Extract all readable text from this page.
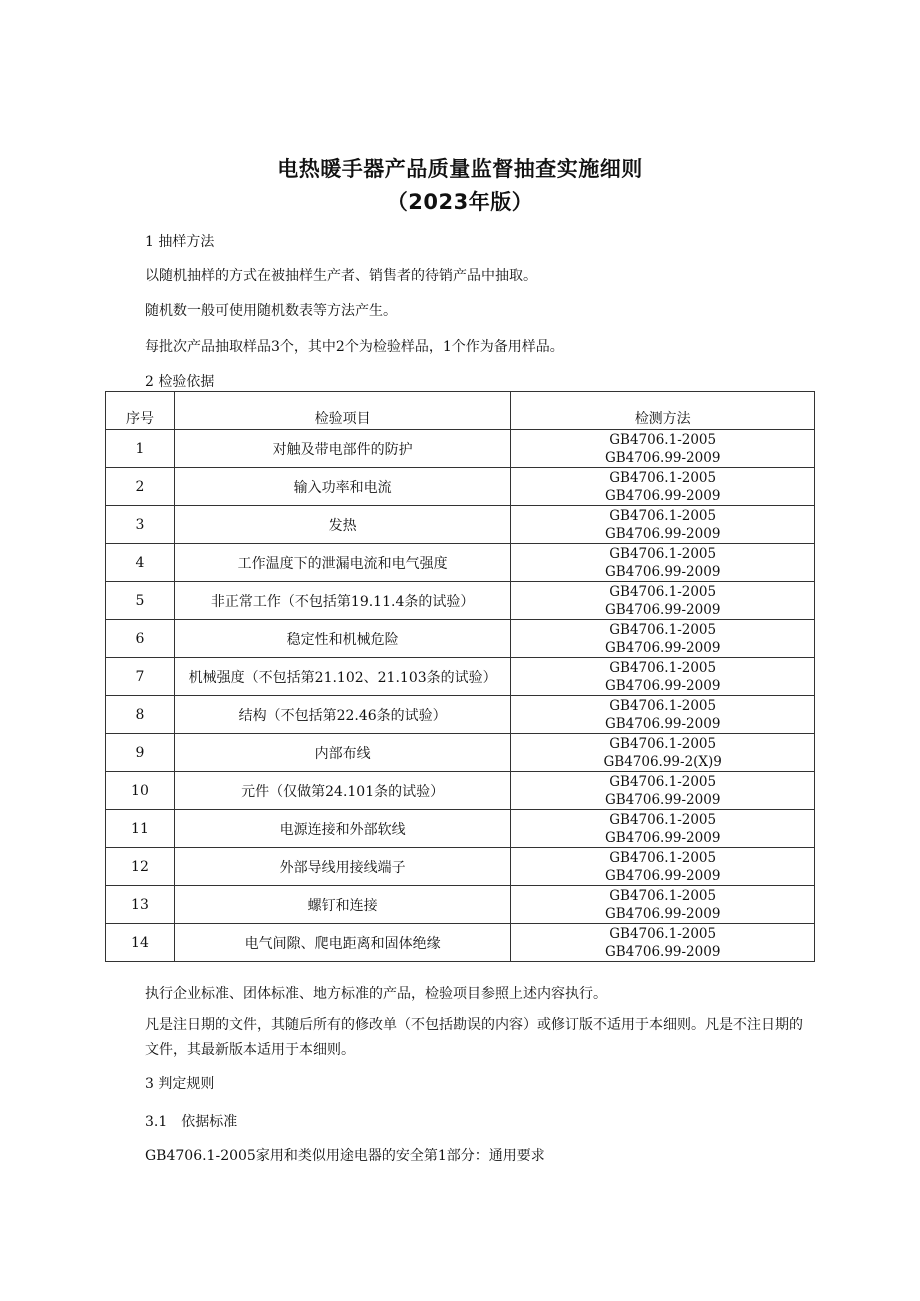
电热暖手器产品质量监督抽查实施细则
（2023年版）
1 抽样方法
以随机抽样的方式在被抽样生产者、销售者的待销产品中抽取。
随机数一般可使用随机数表等方法产生。
每批次产品抽取样品3个，其中2个为检验样品，1个作为备用样品。
2 检验依据
序号	检验项目	检测方法
1	对触及带电部件的防护	GB4706.1-2005
GB4706.99-2009

2	输入功率和电流	GB4706.1-2005
GB4706.99-2009

3	发热	GB4706.1-2005
GB4706.99-2009

4	工作温度下的泄漏电流和电气强度	GB4706.1-2005
GB4706.99-2009

5	非正常工作（不包括第19.11.4条的试验）	GB4706.1-2005
GB4706.99-2009

6	稳定性和机械危险	GB4706.1-2005
GB4706.99-2009

7	机械强度（不包括第21.102、21.103条的试验）	GB4706.1-2005
GB4706.99-2009

8	结构（不包括第22.46条的试验）	GB4706.1-2005
GB4706.99-2009

9	内部布线	GB4706.1-2005
GB4706.99-2(X)9

10	元件（仅做第24.101条的试验）	GB4706.1-2005
GB4706.99-2009

11	电源连接和外部软线	GB4706.1-2005
GB4706.99-2009

12	外部导线用接线端子	GB4706.1-2005
GB4706.99-2009

13	螺钉和连接	GB4706.1-2005
GB4706.99-2009

14	电气间隙、爬电距离和固体绝缘	GB4706.1-2005
GB4706.99-2009
执行企业标准、团体标准、地方标准的产品，检验项目参照上述内容执行。
凡是注日期的文件，其随后所有的修改单（不包括勘误的内容）或修订版不适用于本细则。凡是不注日期的文件，其最新版本适用于本细则。
3 判定规则
3.1　依据标准
GB4706.1-2005家用和类似用途电器的安全第1部分：通用要求
